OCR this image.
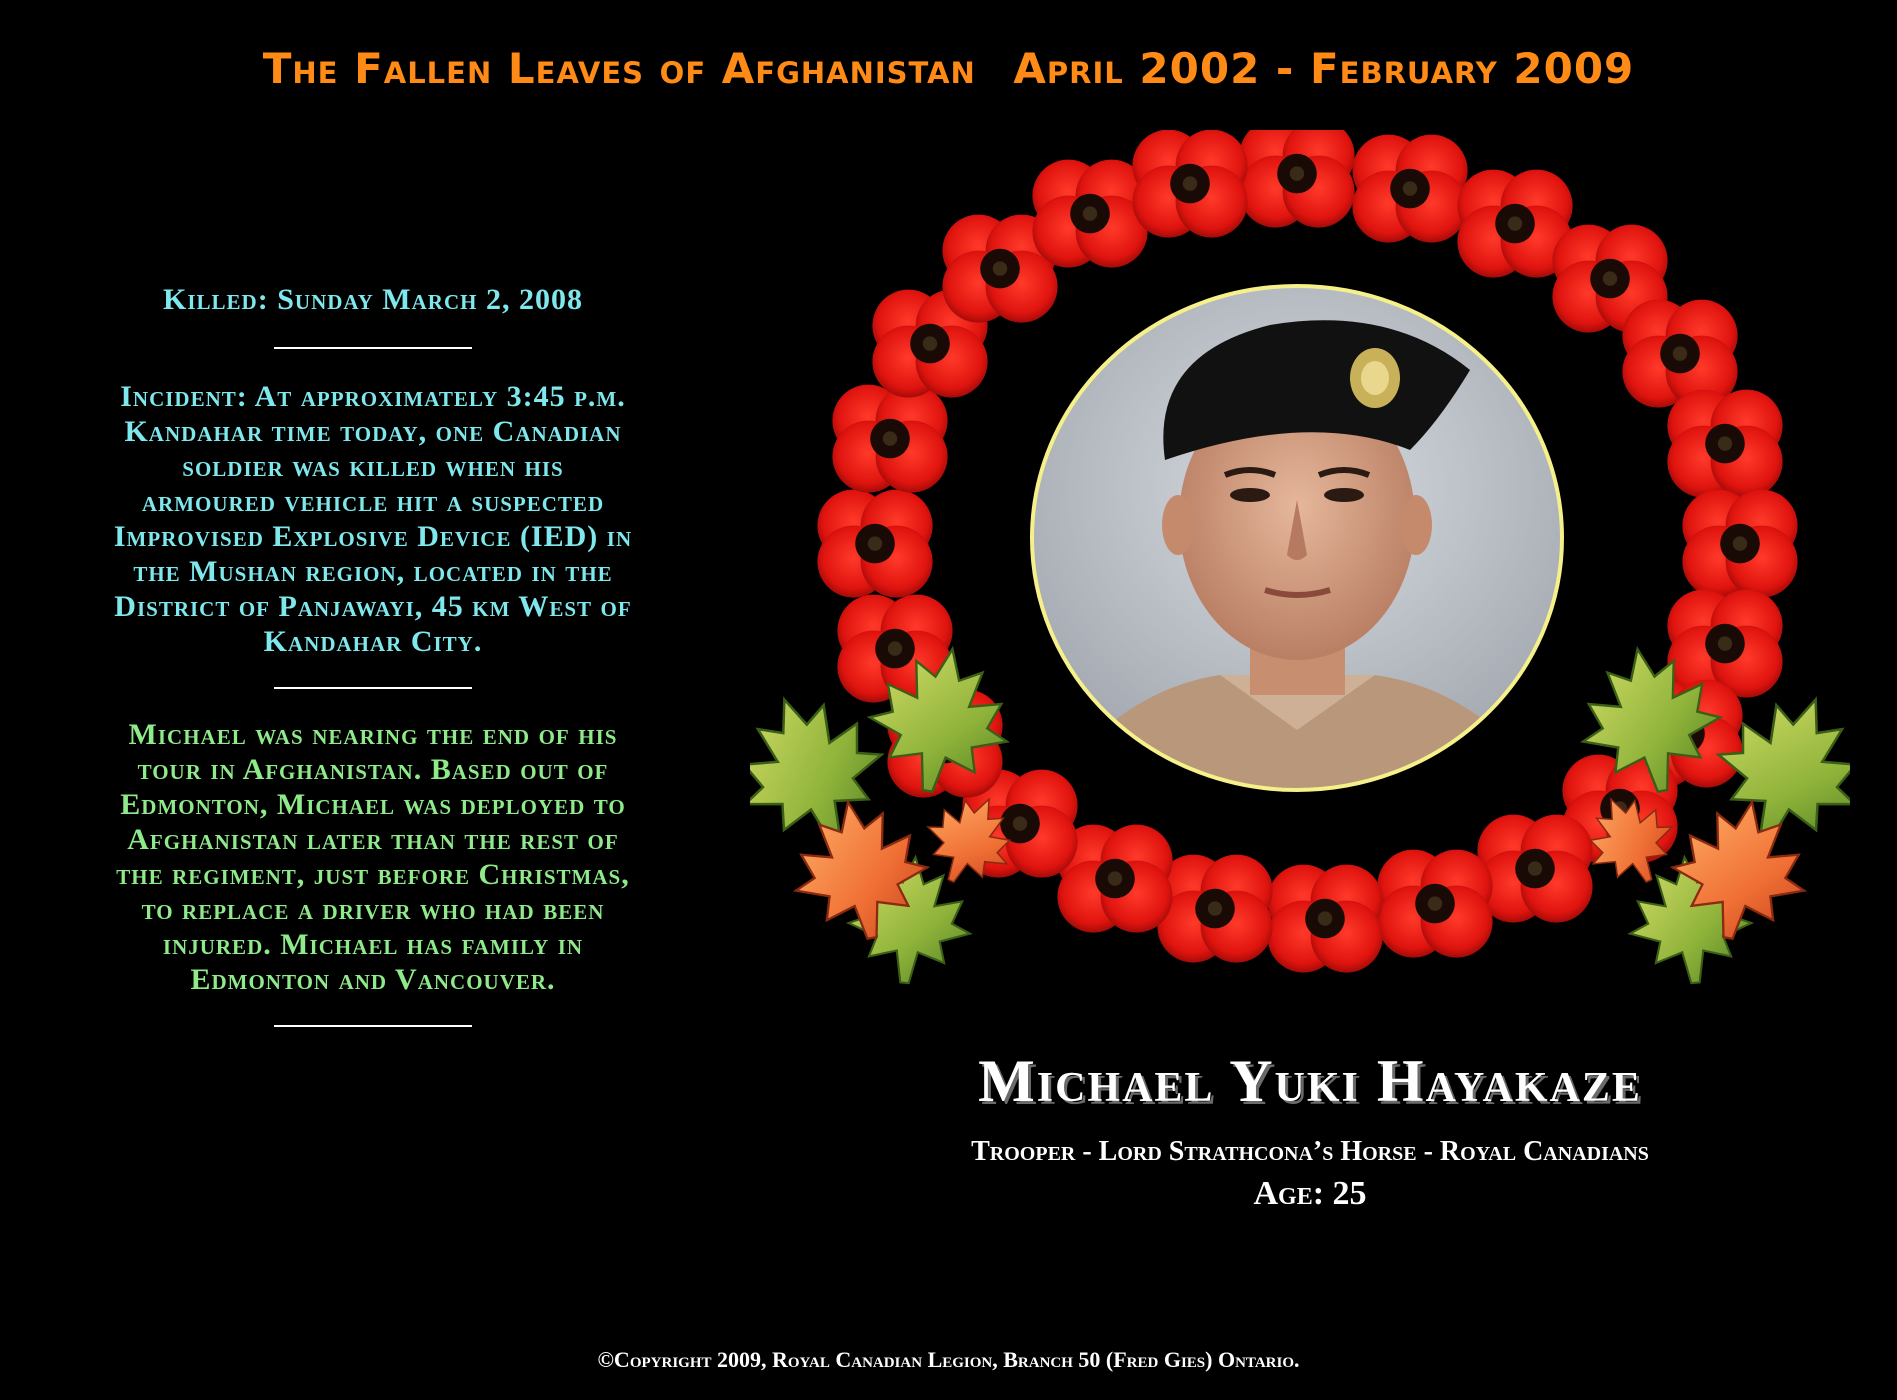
The Fallen Leaves of Afghanistan April 2002 - February 2009

Killed: Sunday March 2, 2008

Incident: At approximately 3:45 p.m.
Kandahar time today, one Canadian
soldier was killed when his
armoured vehicle hit a suspected
Improvised Explosive Device (IED) in
the Mushan region, located in the
District of Panjawayi, 45 km West of
Kandahar City.
Michael was nearing the end of his
tour in Afghanistan. Based out of
Edmonton, Michael was deployed to
Afghanistan later than the rest of
the regiment, just before Christmas,
to replace a driver who had been
injured. Michael has family in
Edmonton and Vancouver.
Michael Yuki Hayakaze
Trooper - Lord Strathcona’s Horse - Royal Canadians
Age: 25
©Copyright 2009, Royal Canadian Legion, Branch 50 (Fred Gies) Ontario.
